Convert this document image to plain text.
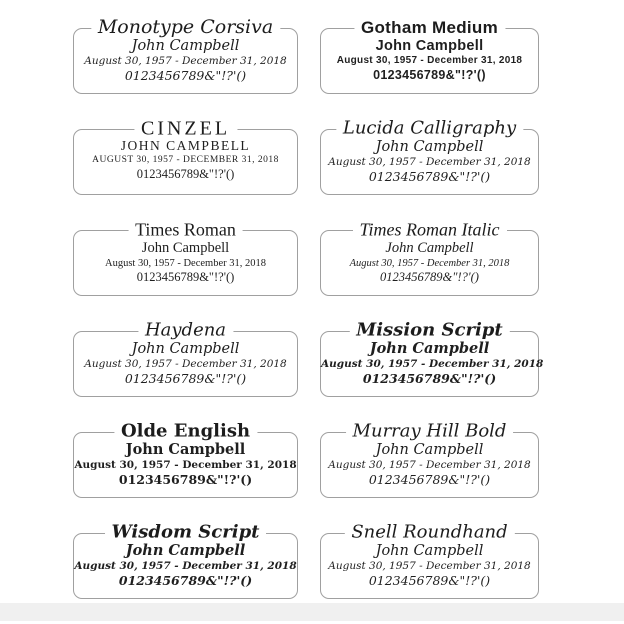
Monotype Corsiva
John Campbell
August 30, 1957 - December 31, 2018
0123456789&"!?'()
Gotham Medium
John Campbell
August 30, 1957 - December 31, 2018
0123456789&"!?'()
CINZEL
JOHN CAMPBELL
AUGUST 30, 1957 - DECEMBER 31, 2018
0123456789&"!?'()
Lucida Calligraphy
John Campbell
August 30, 1957 - December 31, 2018
0123456789&"!?'()
Times Roman
John Campbell
August 30, 1957 - December 31, 2018
0123456789&"!?'()
Times Roman Italic
John Campbell
August 30, 1957 - December 31, 2018
0123456789&"!?'()
Haydena
John Campbell
August 30, 1957 - December 31, 2018
0123456789&"!?'()
Mission Script
John Campbell
August 30, 1957 - December 31, 2018
0123456789&"!?'()
Olde English
John Campbell
August 30, 1957 - December 31, 2018
0123456789&"!?'()
Murray Hill Bold
John Campbell
August 30, 1957 - December 31, 2018
0123456789&"!?'()
Wisdom Script
John Campbell
August 30, 1957 - December 31, 2018
0123456789&"!?'()
Snell Roundhand
John Campbell
August 30, 1957 - December 31, 2018
0123456789&"!?'()
